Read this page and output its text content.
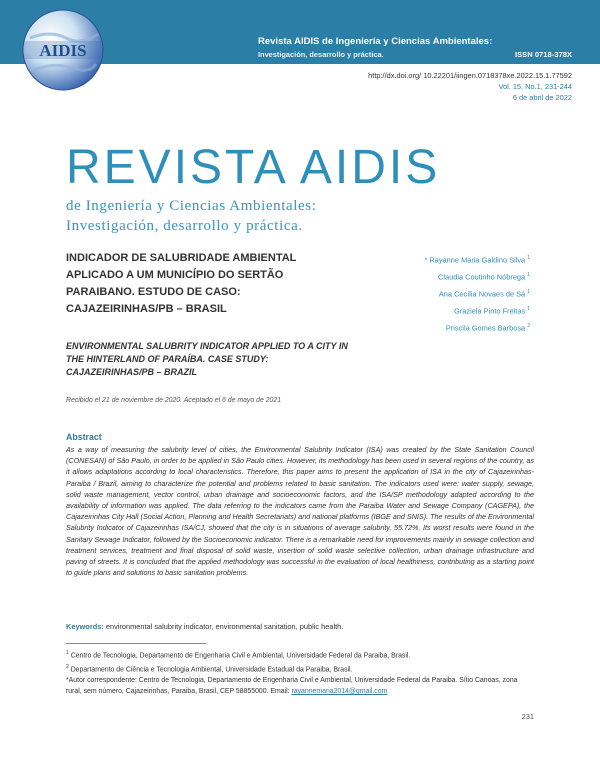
AIDIS	Revista AIDIS de Ingeniería y Ciencias Ambientales:
Investigación, desarrollo y práctica.	ISSN 0718-378X
http://dx.doi.org/ 10.22201/iingen.0718378xe.2022.15.1.77592
Vol. 15, No.1, 231-244
6 de abril de 2022
REVISTA AIDIS
de Ingeniería y Ciencias Ambientales:
Investigación, desarrollo y práctica.
INDICADOR DE SALUBRIDADE AMBIENTAL APLICADO A UM MUNICÍPIO DO SERTÃO PARAIBANO. ESTUDO DE CASO: CAJAZEIRINHAS/PB – BRASIL
* Rayanne Maria Galdino Silva $^1$
Claudia Coutinho Nóbrega $^1$
Ana Cecília Novaes de Sá $^1$
Graziela Pinto Freitas $^1$
Priscila Gomes Barbosa $^2$
ENVIRONMENTAL SALUBRITY INDICATOR APPLIED TO A CITY IN THE HINTERLAND OF PARAÍBA. CASE STUDY: CAJAZEIRINHAS/PB – BRAZIL
Recibido el 21 de noviembre de 2020. Aceptado el 6 de mayo de 2021
Abstract
As a way of measuring the salubrity level of cities, the Environmental Salubrity Indicator (ISA) was created by the State Sanitation Council (CONESAN) of São Paulo, in order to be applied in São Paulo cities. However, its methodology has been used in several regions of the country, as it allows adaptations according to local characteristics. Therefore, this paper aims to present the application of ISA in the city of Cajazeirinhas-Paraiba / Brazil, aiming to characterize the potential and problems related to basic sanitation. The indicators used were: water supply, sewage, solid waste management, vector control, urban drainage and socioeconomic factors, and the ISA/SP methodology adapted according to the availability of information was applied. The data referring to the indicators came from the Paraiba Water and Sewage Company (CAGEPA), the Cajazeirinhas City Hall (Social Action, Planning and Health Secretariats) and national platforms (IBGE and SNIS). The results of the Environmental Salubrity Indicator of Cajazeirinhas ISA/CJ, showed that the city is in situations of average salubrity, 55.72%. Its worst results were found in the Sanitary Sewage Indicator, followed by the Socioeconomic indicator. There is a remarkable need for improvements mainly in sewage collection and treatment services, treatment and final disposal of solid waste, insertion of solid waste selective collection, urban drainage infrastructure and paving of streets. It is concluded that the applied methodology was successful in the evaluation of local healthiness, contributing as a starting point to guide plans and solutions to basic sanitation problems.
Keywords: environmental salubrity indicator, environmental sanitation, public health.
$^1$ Centro de Tecnologia, Departamento de Engenharia Civil e Ambiental, Universidade Federal da Paraiba, Brasil.
$^2$ Departamento de Ciência e Tecnologia Ambiental, Universidade Estadual da Paraiba, Brasil.
*Autor correspondente: Centro de Tecnologia, Departamento de Engenharia Civil e Ambiental, Universidade Federal da Paraiba. Sítio Canoas, zona rural, sem número, Cajazeirinhas, Paraiba, Brasil, CEP 58855000. Email: rayannemaria2014@gmail.com
231
